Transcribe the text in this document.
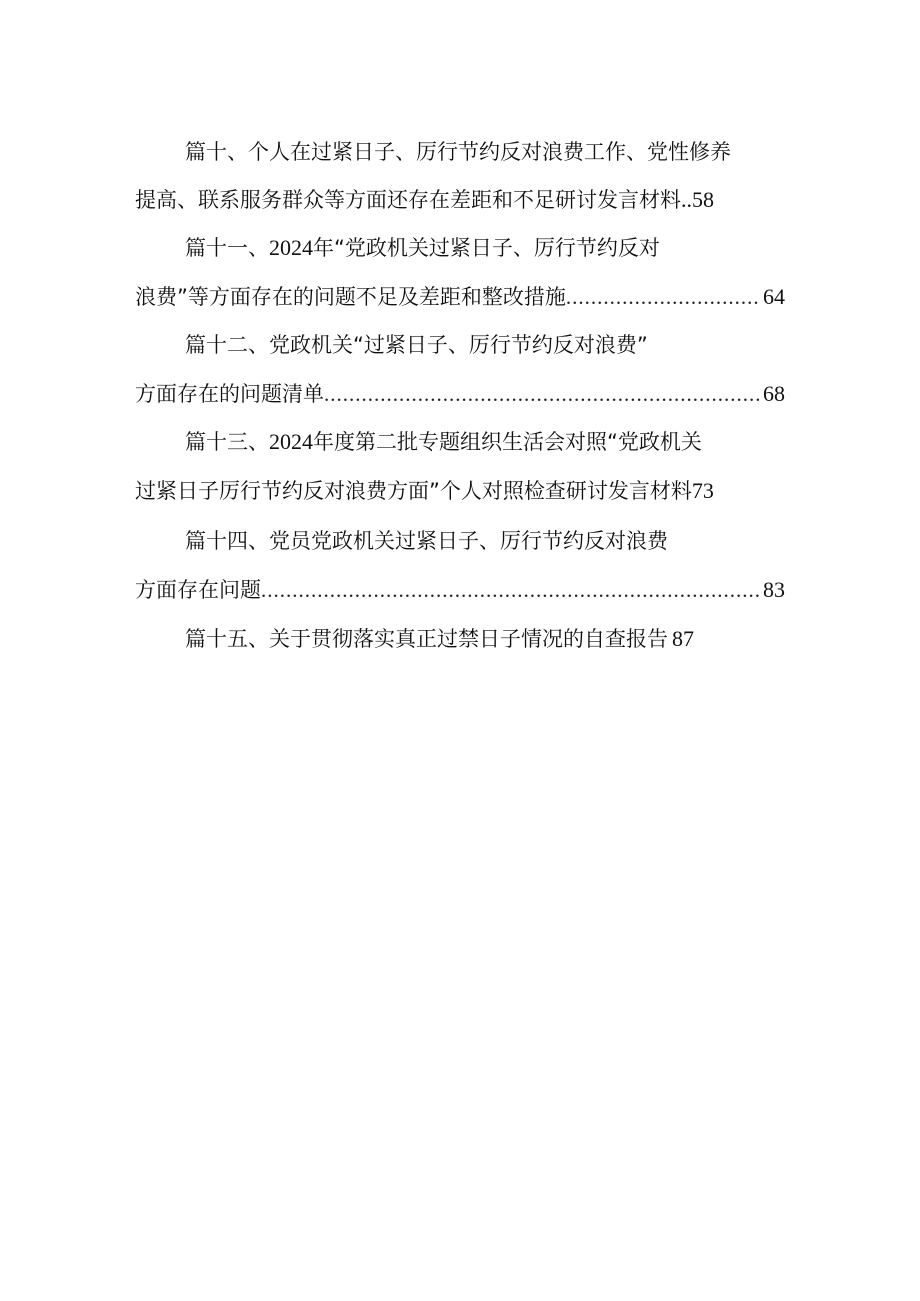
篇十、个人在过紧日子、厉行节约反对浪费工作、党性修养
提高、联系服务群众等方面还存在差距和不足研讨发言材料..58
篇十一、2024年“党政机关过紧日子、厉行节约反对
浪费”等方面存在的问题不足及差距和整改措施 .....	64
篇十二、党政机关“过紧日子、厉行节约反对浪费”
方面存在的问题清单 .....	68
篇十三、2024年度第二批专题组织生活会对照“党政机关
过紧日子厉行节约反对浪费方面”个人对照检查研讨发言材料73
篇十四、党员党政机关过紧日子、厉行节约反对浪费
方面存在问题 .....	83
篇十五、关于贯彻落实真正过禁日子情况的自查报告 87
